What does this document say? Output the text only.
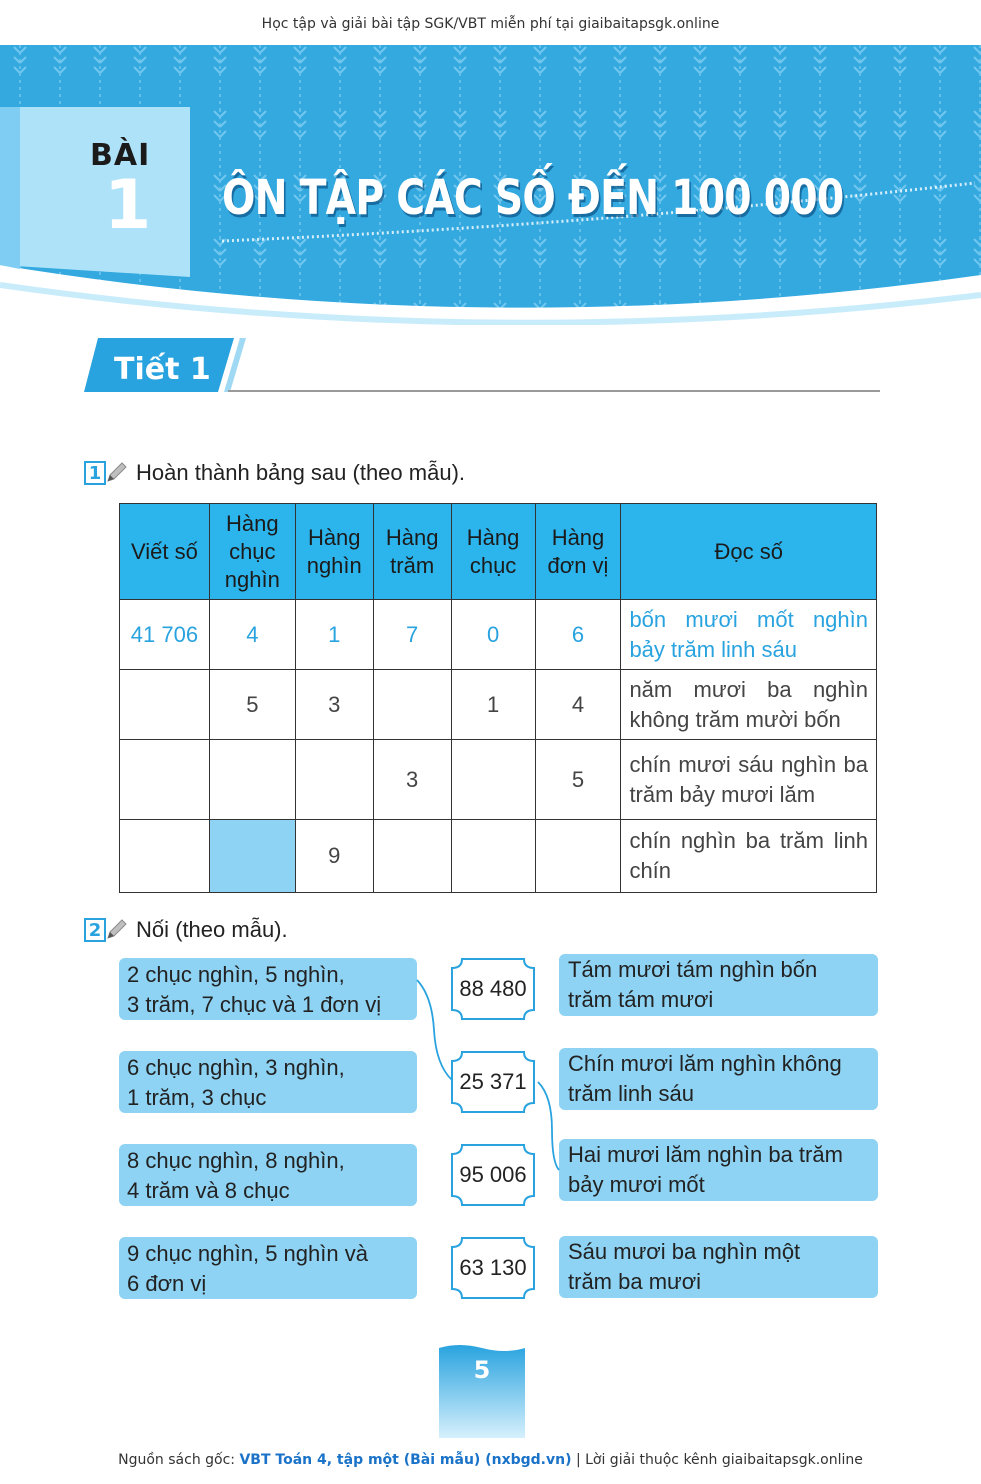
Học tập và giải bài tập SGK/VBT miễn phí tại giaibaitapsgk.online
BÀI
1 ÔN TẬP CÁC SỐ ĐẾN 100 000
Tiết 1
1 Hoàn thành bảng sau (theo mẫu).
Viết số	Hàng chục nghìn	Hàng nghìn	Hàng trăm	Hàng chục	Hàng đơn vị	Đọc số
41 706	4	1	7	0	6	bốn mươi mốt nghìn bảy trăm linh sáu
	5	3		1	4	năm mươi ba nghìn không trăm mười bốn
			3		5	chín mươi sáu nghìn ba trăm bảy mươi lăm
		9				chín nghìn ba trăm linh chín
2 Nối (theo mẫu).
2 chục nghìn, 5 nghìn,
3 trăm, 7 chục và 1 đơn vị
6 chục nghìn, 3 nghìn,
1 trăm, 3 chục
8 chục nghìn, 8 nghìn,
4 trăm và 8 chục
9 chục nghìn, 5 nghìn và
6 đơn vị
88 480
25 371
95 006
63 130
Tám mươi tám nghìn bốn
trăm tám mươi
Chín mươi lăm nghìn không
trăm linh sáu
Hai mươi lăm nghìn ba trăm
bảy mươi mốt
Sáu mươi ba nghìn một
trăm ba mươi
5
Nguồn sách gốc: VBT Toán 4, tập một (Bài mẫu) (nxbgd.vn) | Lời giải thuộc kênh giaibaitapsgk.online
